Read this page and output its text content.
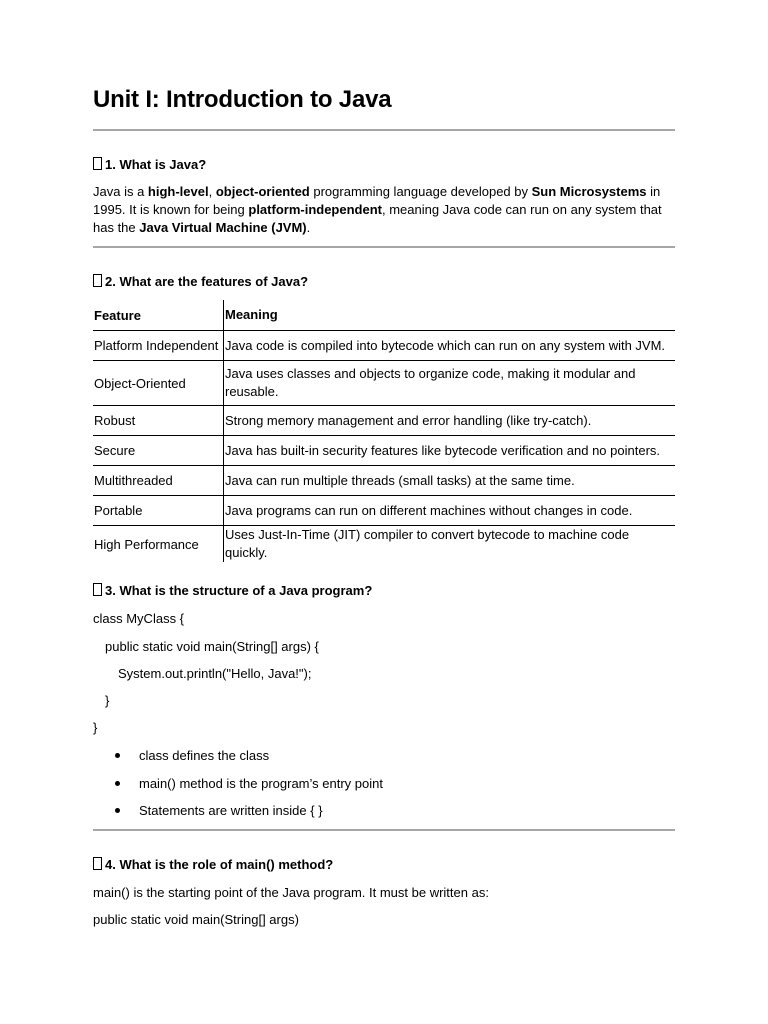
Unit I: Introduction to Java
1. What is Java?
Java is a high-level, object-oriented programming language developed by Sun Microsystems in 1995. It is known for being platform-independent, meaning Java code can run on any system that has the Java Virtual Machine (JVM).
2. What are the features of Java?
Feature	Meaning
Platform Independent	Java code is compiled into bytecode which can run on any system with JVM.
Object-Oriented	Java uses classes and objects to organize code, making it modular and reusable.
Robust	Strong memory management and error handling (like try-catch).
Secure	Java has built-in security features like bytecode verification and no pointers.
Multithreaded	Java can run multiple threads (small tasks) at the same time.
Portable	Java programs can run on different machines without changes in code.
High Performance	Uses Just-In-Time (JIT) compiler to convert bytecode to machine code quickly.
3. What is the structure of a Java program?
class MyClass {
public static void main(String[] args) {
System.out.println("Hello, Java!");
}
}
class defines the class
main() method is the program’s entry point
Statements are written inside { }
4. What is the role of main() method?
main() is the starting point of the Java program. It must be written as:
public static void main(String[] args)
